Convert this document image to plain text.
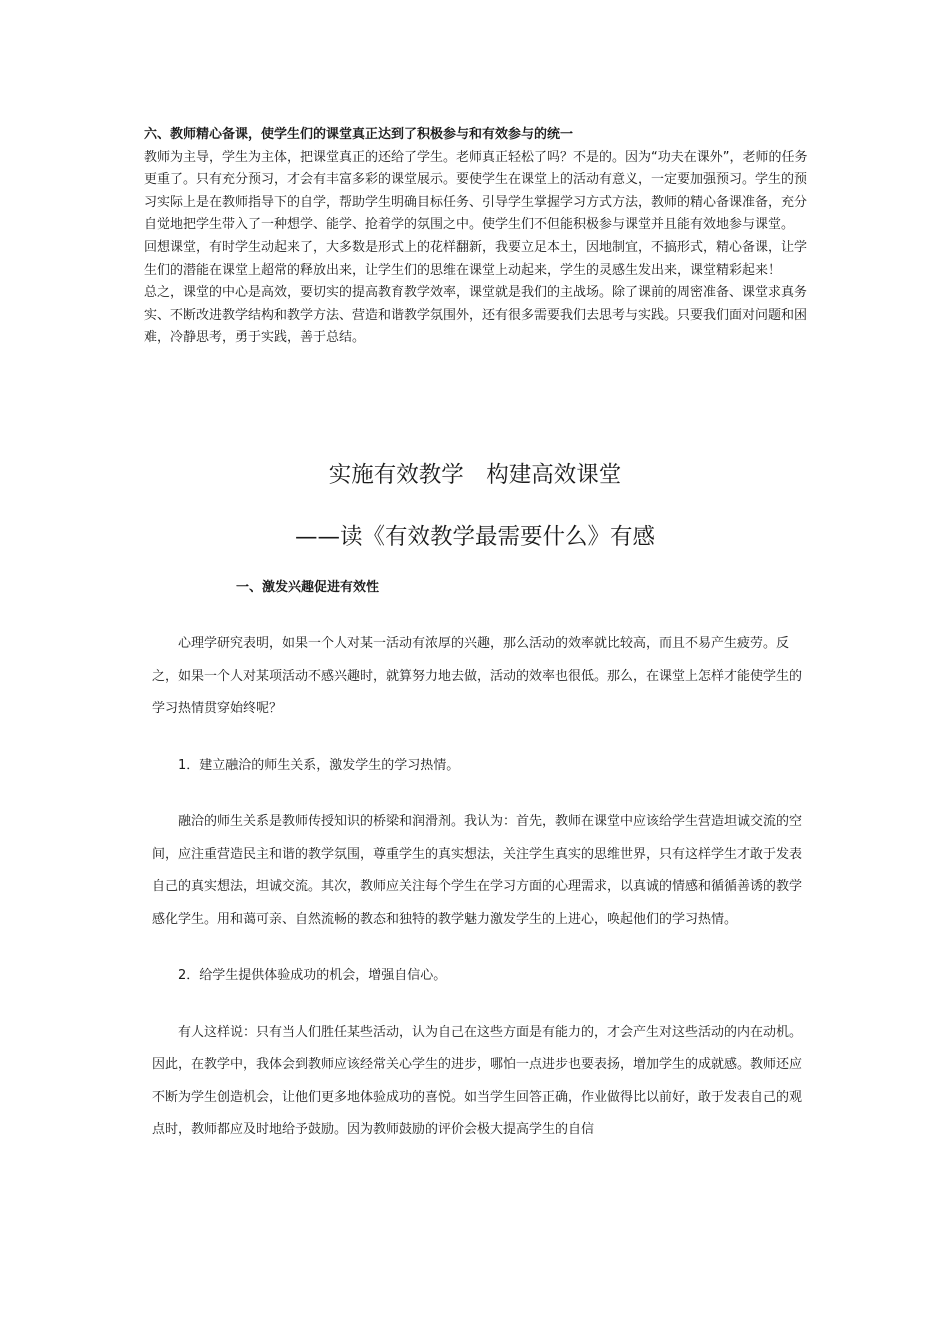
六、教师精心备课，使学生们的课堂真正达到了积极参与和有效参与的统一

教师为主导，学生为主体，把课堂真正的还给了学生。老师真正轻松了吗？不是的。因为“功夫在课外”，老师的任务更重了。只有充分预习，才会有丰富多彩的课堂展示。要使学生在课堂上的活动有意义，一定要加强预习。学生的预习实际上是在教师指导下的自学，帮助学生明确目标任务、引导学生掌握学习方式方法，教师的精心备课准备，充分自觉地把学生带入了一种想学、能学、抢着学的氛围之中。使学生们不但能积极参与课堂并且能有效地参与课堂。

回想课堂，有时学生动起来了，大多数是形式上的花样翻新，我要立足本土，因地制宜，不搞形式，精心备课，让学生们的潜能在课堂上超常的释放出来，让学生们的思维在课堂上动起来，学生的灵感生发出来，课堂精彩起来！

总之，课堂的中心是高效，要切实的提高教育教学效率，课堂就是我们的主战场。除了课前的周密准备、课堂求真务实、不断改进教学结构和教学方法、营造和谐教学氛围外，还有很多需要我们去思考与实践。只要我们面对问题和困难，冷静思考，勇于实践，善于总结。

实施有效教学　构建高效课堂
——读《有效教学最需要什么》有感

一、激发兴趣促进有效性

心理学研究表明，如果一个人对某一活动有浓厚的兴趣，那么活动的效率就比较高，而且不易产生疲劳。反之，如果一个人对某项活动不感兴趣时，就算努力地去做，活动的效率也很低。那么，在课堂上怎样才能使学生的学习热情贯穿始终呢？

1．建立融洽的师生关系，激发学生的学习热情。

融洽的师生关系是教师传授知识的桥梁和润滑剂。我认为：首先，教师在课堂中应该给学生营造坦诚交流的空间，应注重营造民主和谐的教学氛围，尊重学生的真实想法，关注学生真实的思维世界，只有这样学生才敢于发表自己的真实想法，坦诚交流。其次，教师应关注每个学生在学习方面的心理需求，以真诚的情感和循循善诱的教学感化学生。用和蔼可亲、自然流畅的教态和独特的教学魅力激发学生的上进心，唤起他们的学习热情。

2．给学生提供体验成功的机会，增强自信心。

有人这样说：只有当人们胜任某些活动，认为自己在这些方面是有能力的，才会产生对这些活动的内在动机。因此，在教学中，我体会到教师应该经常关心学生的进步，哪怕一点进步也要表扬，增加学生的成就感。教师还应不断为学生创造机会，让他们更多地体验成功的喜悦。如当学生回答正确，作业做得比以前好，敢于发表自己的观点时，教师都应及时地给予鼓励。因为教师鼓励的评价会极大提高学生的自信
